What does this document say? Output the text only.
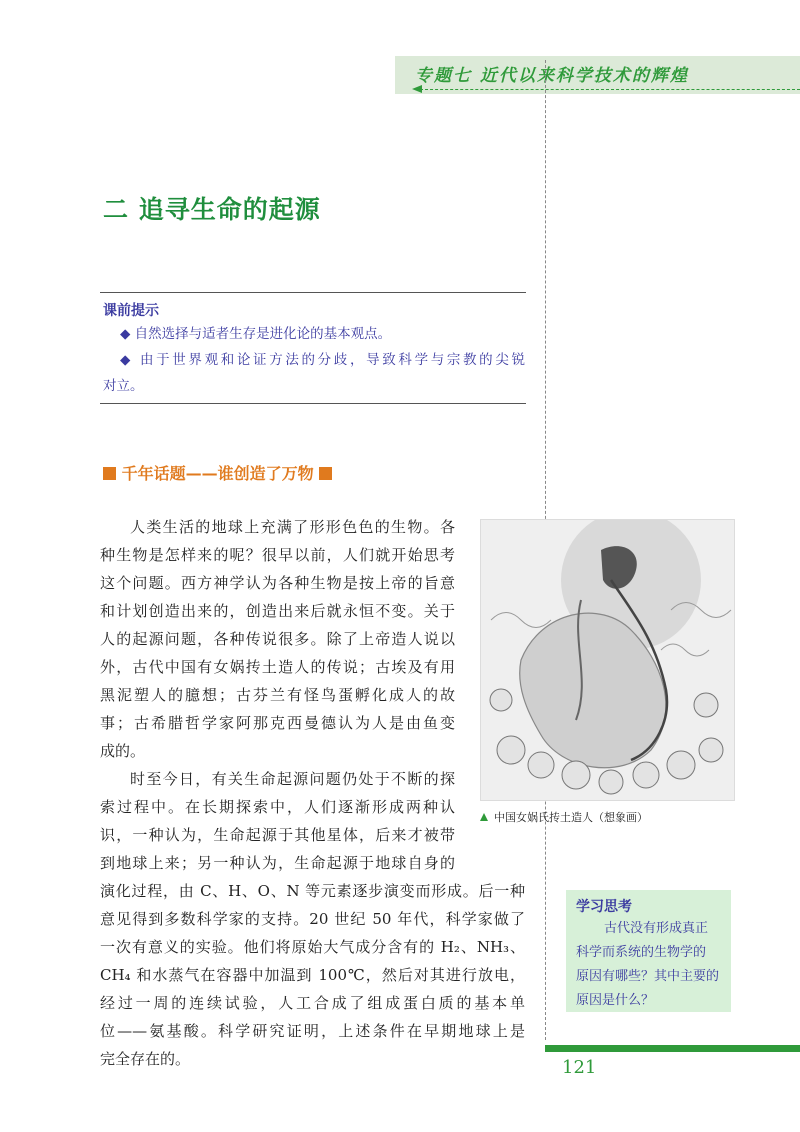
专题七 近代以来科学技术的辉煌
二 追寻生命的起源
课前提示
◆ 自然选择与适者生存是进化论的基本观点。
◆ 由于世界观和论证方法的分歧，导致科学与宗教的尖锐
对立。
千年话题——谁创造了万物
人类生活的地球上充满了形形色色的生物。各
种生物是怎样来的呢？很早以前，人们就开始思考
这个问题。西方神学认为各种生物是按上帝的旨意
和计划创造出来的，创造出来后就永恒不变。关于
人的起源问题，各种传说很多。除了上帝造人说以
外，古代中国有女娲抟土造人的传说；古埃及有用
黑泥塑人的臆想；古芬兰有怪鸟蛋孵化成人的故
事；古希腊哲学家阿那克西曼德认为人是由鱼变
成的。
时至今日，有关生命起源问题仍处于不断的探
索过程中。在长期探索中，人们逐渐形成两种认
识，一种认为，生命起源于其他星体，后来才被带
到地球上来；另一种认为，生命起源于地球自身的
演化过程，由 C、H、O、N 等元素逐步演变而形成。后一种
意见得到多数科学家的支持。20 世纪 50 年代，科学家做了
一次有意义的实验。他们将原始大气成分含有的 H₂、NH₃、
CH₄ 和水蒸气在容器中加温到 100℃，然后对其进行放电，
经过一周的连续试验，人工合成了组成蛋白质的基本单
位——氨基酸。科学研究证明，上述条件在早期地球上是
完全存在的。
中国女娲氏抟土造人（想象画）
学习思考
古代没有形成真正
科学而系统的生物学的
原因有哪些？其中主要的
原因是什么？
121
